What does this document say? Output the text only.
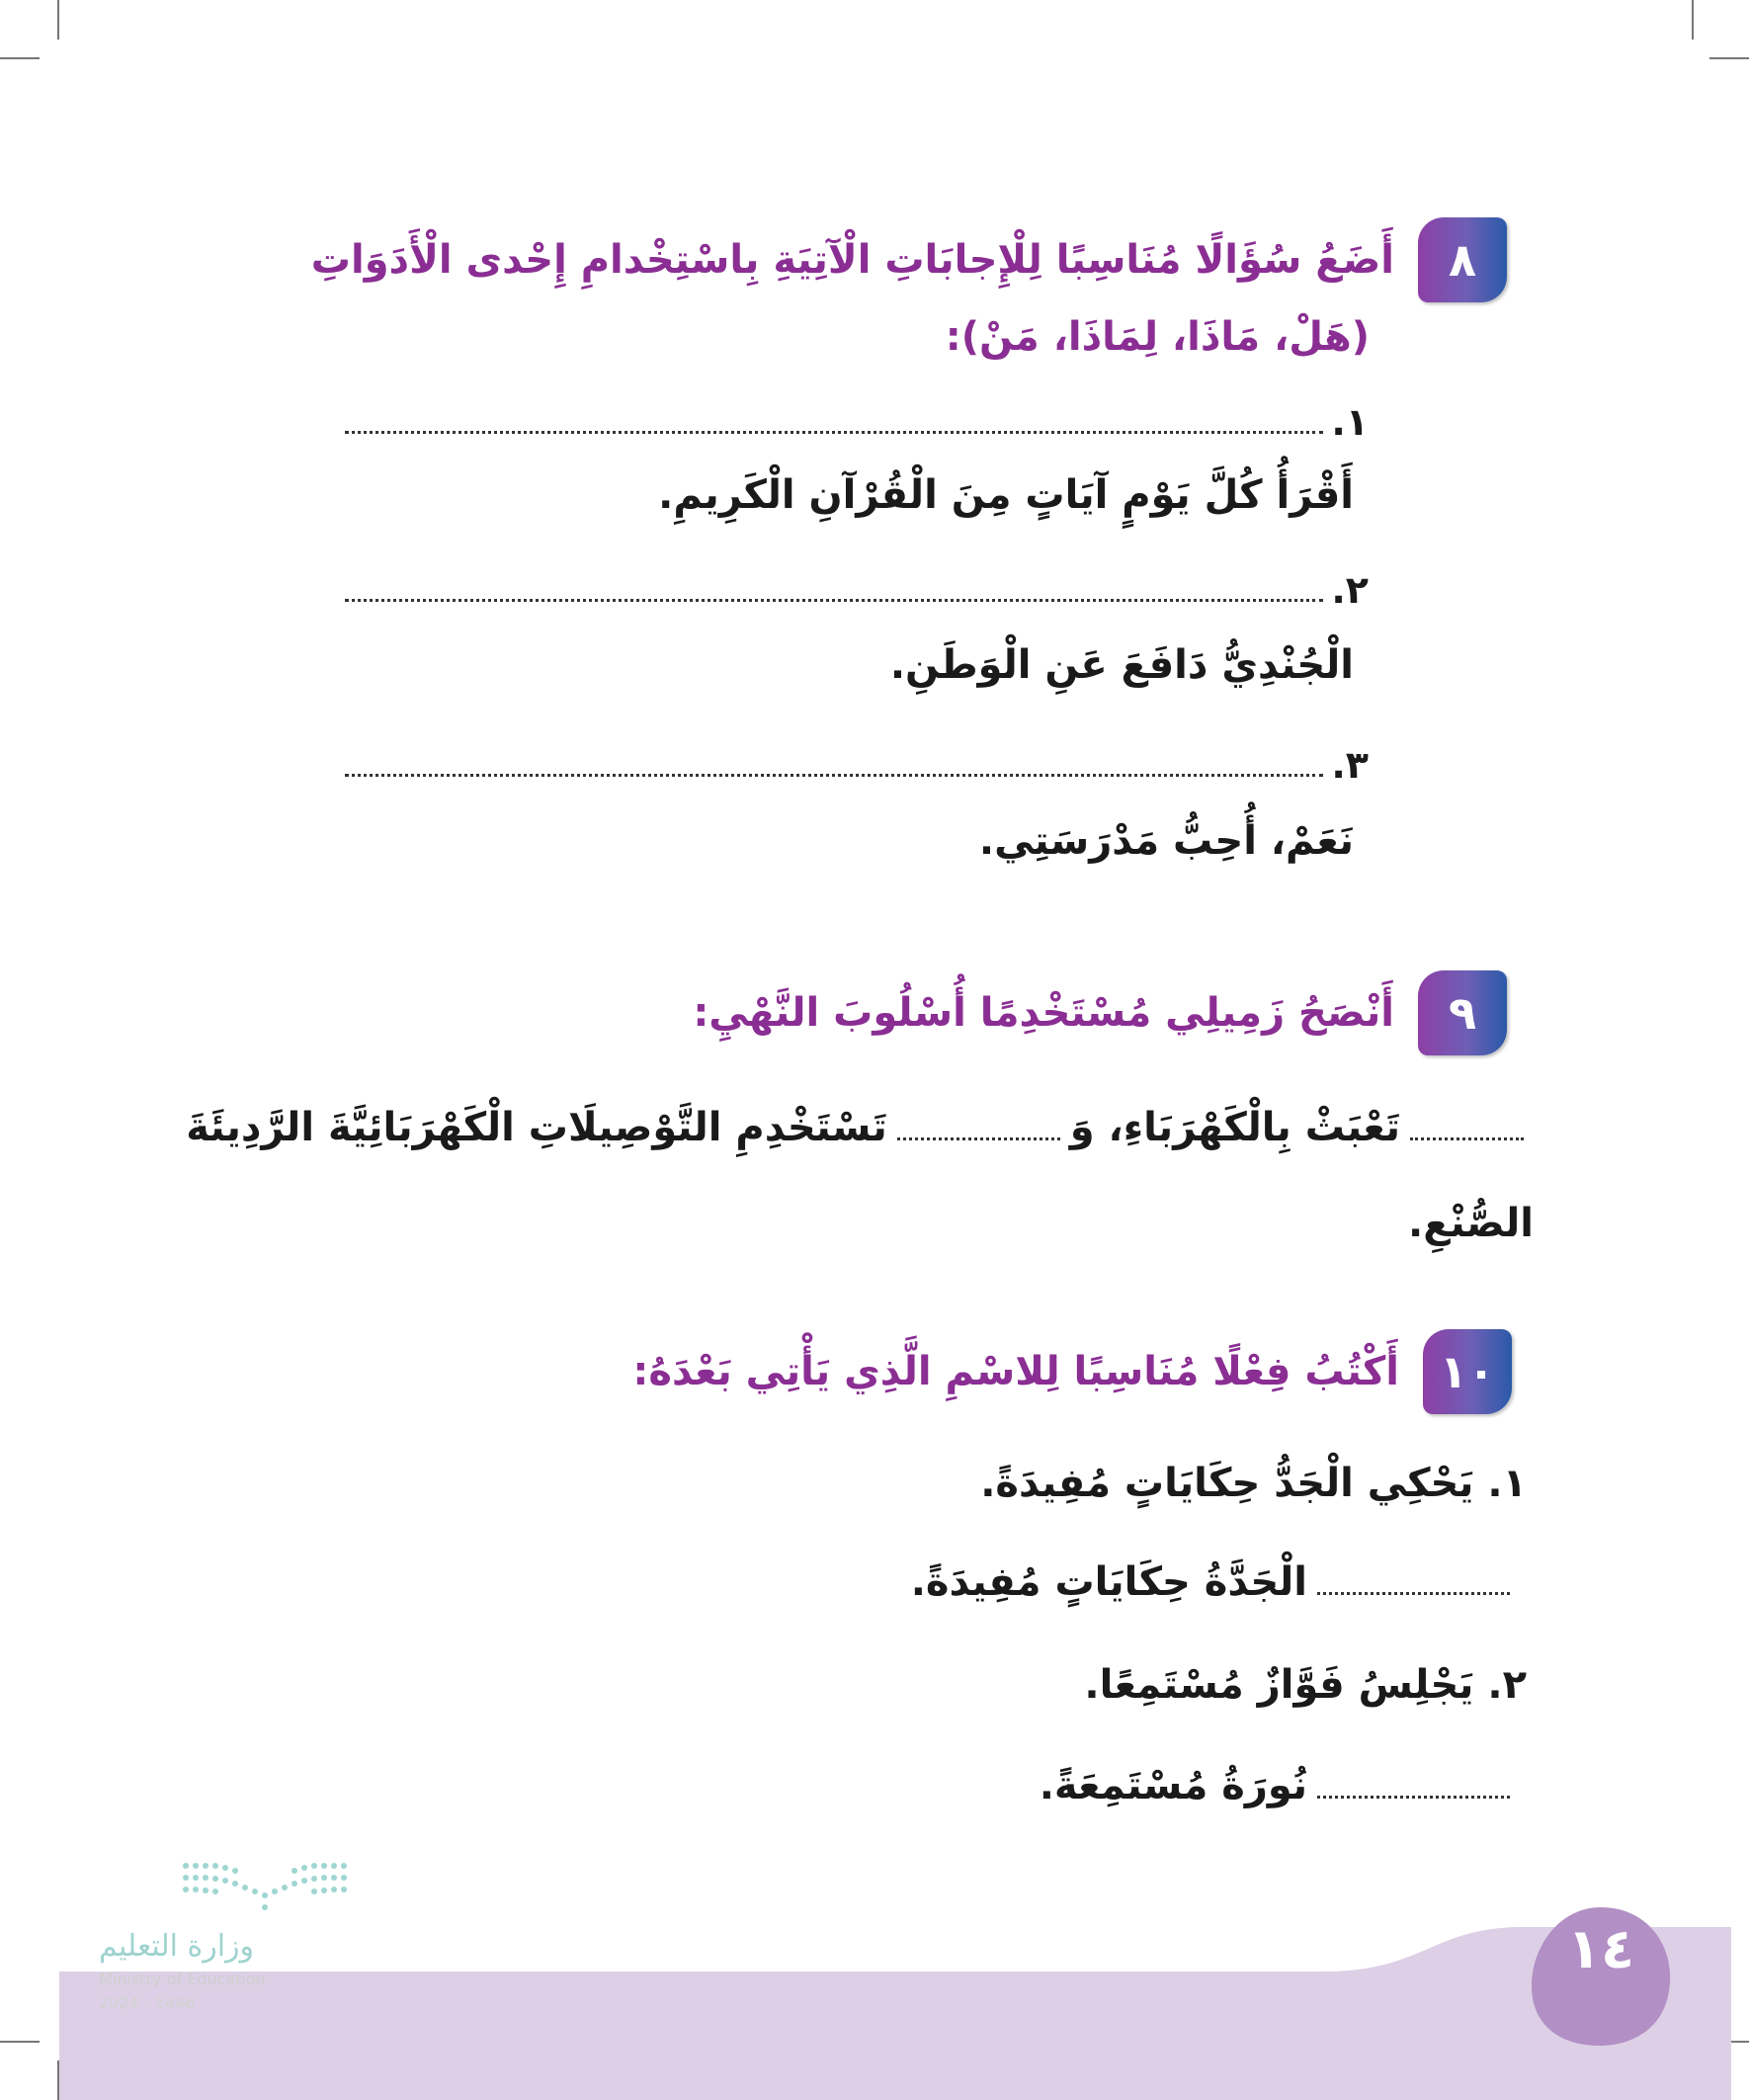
٨
أَضَعُ سُؤَالًا مُنَاسِبًا لِلْإِجابَاتِ الْآتِيَةِ بِاسْتِخْدامِ إِحْدى الْأَدَوَاتِ
(هَلْ، مَاذَا، لِمَاذَا، مَنْ):
١.
أَقْرَأُ كُلَّ يَوْمٍ آيَاتٍ مِنَ الْقُرْآنِ الْكَرِيمِ.
٢.
الْجُنْدِيُّ دَافَعَ عَنِ الْوَطَنِ.
٣.
نَعَمْ، أُحِبُّ مَدْرَسَتِي.
٩
أَنْصَحُ زَمِيلِي مُسْتَخْدِمًا أُسْلُوبَ النَّهْيِ:
تَعْبَثْ بِالْكَهْرَبَاءِ، وَ
تَسْتَخْدِمِ التَّوْصِيلَاتِ الْكَهْرَبَائِيَّةَ الرَّدِيئَةَ
الصُّنْعِ.
١٠
أَكْتُبُ فِعْلًا مُنَاسِبًا لِلاسْمِ الَّذِي يَأْتِي بَعْدَهُ:
١.
يَحْكِي الْجَدُّ حِكَايَاتٍ مُفِيدَةً.
الْجَدَّةُ حِكَايَاتٍ مُفِيدَةً.
٢.
يَجْلِسُ فَوَّازٌ مُسْتَمِعًا.
نُورَةُ مُسْتَمِعَةً.
١٤
وزارة التعليم
Ministry of Education
2024 - 1446
